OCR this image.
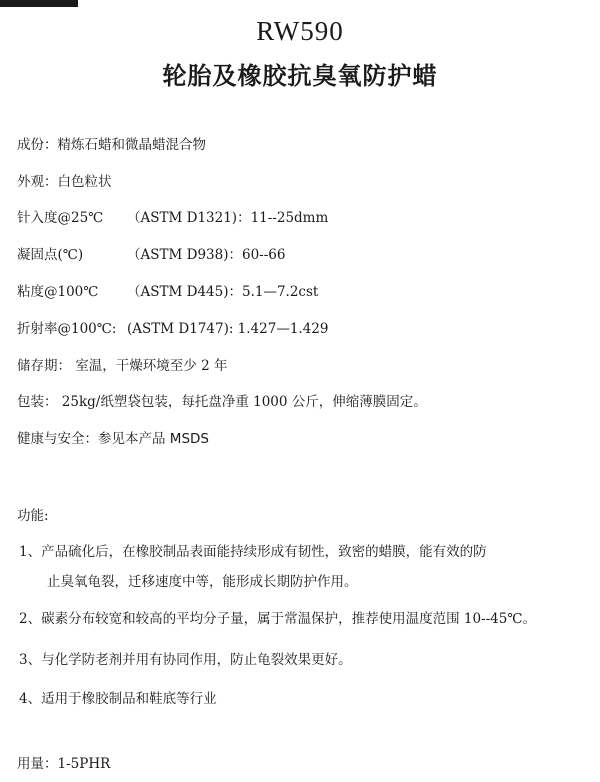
RW590
轮胎及橡胶抗臭氧防护蜡
成份：精炼石蜡和微晶蜡混合物
外观：白色粒状
针入度@25℃ （ASTM D1321)：11--25dmm
凝固点(℃)	（ASTM D938)：60--66
粘度@100℃ （ASTM D445)：5.1—7.2cst
折射率@100℃: (ASTM D1747): 1.427—1.429
储存期： 室温，干燥环境至少 2 年
包装： 25kg/纸塑袋包装，每托盘净重 1000 公斤，伸缩薄膜固定。
健康与安全：参见本产品 MSDS
功能:
1、产品硫化后，在橡胶制品表面能持续形成有韧性，致密的蜡膜，能有效的防
止臭氧龟裂，迁移速度中等，能形成长期防护作用。
2、碳素分布较宽和较高的平均分子量，属于常温保护，推荐使用温度范围 10--45℃。
3、与化学防老剂并用有协同作用，防止龟裂效果更好。
4、适用于橡胶制品和鞋底等行业
用量：1-5PHR
